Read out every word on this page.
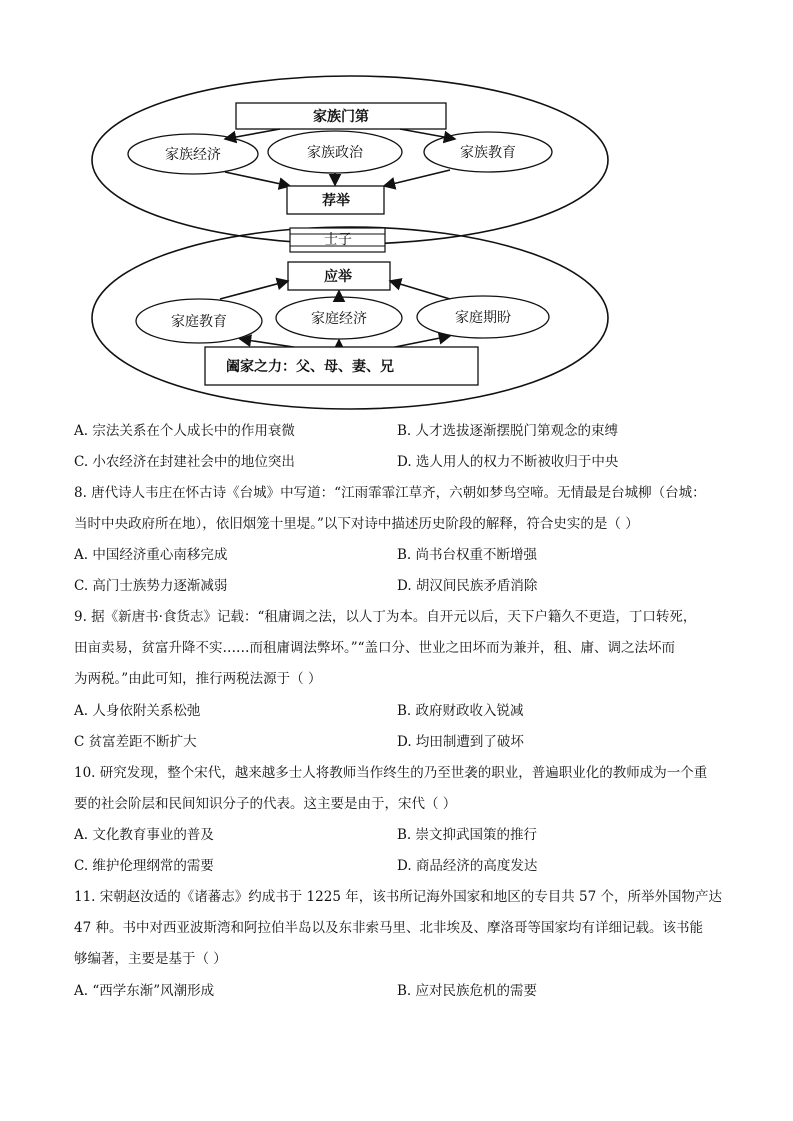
家族门第
家族经济	家族政治	家族教育
荐举
士子
应举
家庭教育	家庭经济	家庭期盼
阖家之力：父、母、妻、兄
A. 宗法关系在个人成长中的作用衰微	B. 人才选拔逐渐摆脱门第观念的束缚
C. 小农经济在封建社会中的地位突出	D. 选人用人的权力不断被收归于中央
8. 唐代诗人韦庄在怀古诗《台城》中写道：“江雨霏霏江草齐，六朝如梦鸟空啼。无情最是台城柳（台城：
当时中央政府所在地），依旧烟笼十里堤。”以下对诗中描述历史阶段的解释，符合史实的是（ ）
A. 中国经济重心南移完成	B. 尚书台权重不断增强
C. 高门士族势力逐渐减弱	D. 胡汉间民族矛盾消除
9. 据《新唐书·食货志》记载：“租庸调之法，以人丁为本。自开元以后，天下户籍久不更造，丁口转死，
田亩卖易，贫富升降不实……而租庸调法弊坏。”“盖口分、世业之田坏而为兼并，租、庸、调之法坏而
为两税。”由此可知，推行两税法源于（ ）
A. 人身依附关系松弛	B. 政府财政收入锐减
C 贫富差距不断扩大	D. 均田制遭到了破坏
10. 研究发现，整个宋代，越来越多士人将教师当作终生的乃至世袭的职业，普遍职业化的教师成为一个重
要的社会阶层和民间知识分子的代表。这主要是由于，宋代（ ）
A. 文化教育事业的普及	B. 崇文抑武国策的推行
C. 维护伦理纲常的需要	D. 商品经济的高度发达
11. 宋朝赵汝适的《诸蕃志》约成书于 1225 年，该书所记海外国家和地区的专目共 57 个，所举外国物产达
47 种。书中对西亚波斯湾和阿拉伯半岛以及东非索马里、北非埃及、摩洛哥等国家均有详细记载。该书能
够编著，主要是基于（ ）
A. “西学东渐”风潮形成	B. 应对民族危机的需要
